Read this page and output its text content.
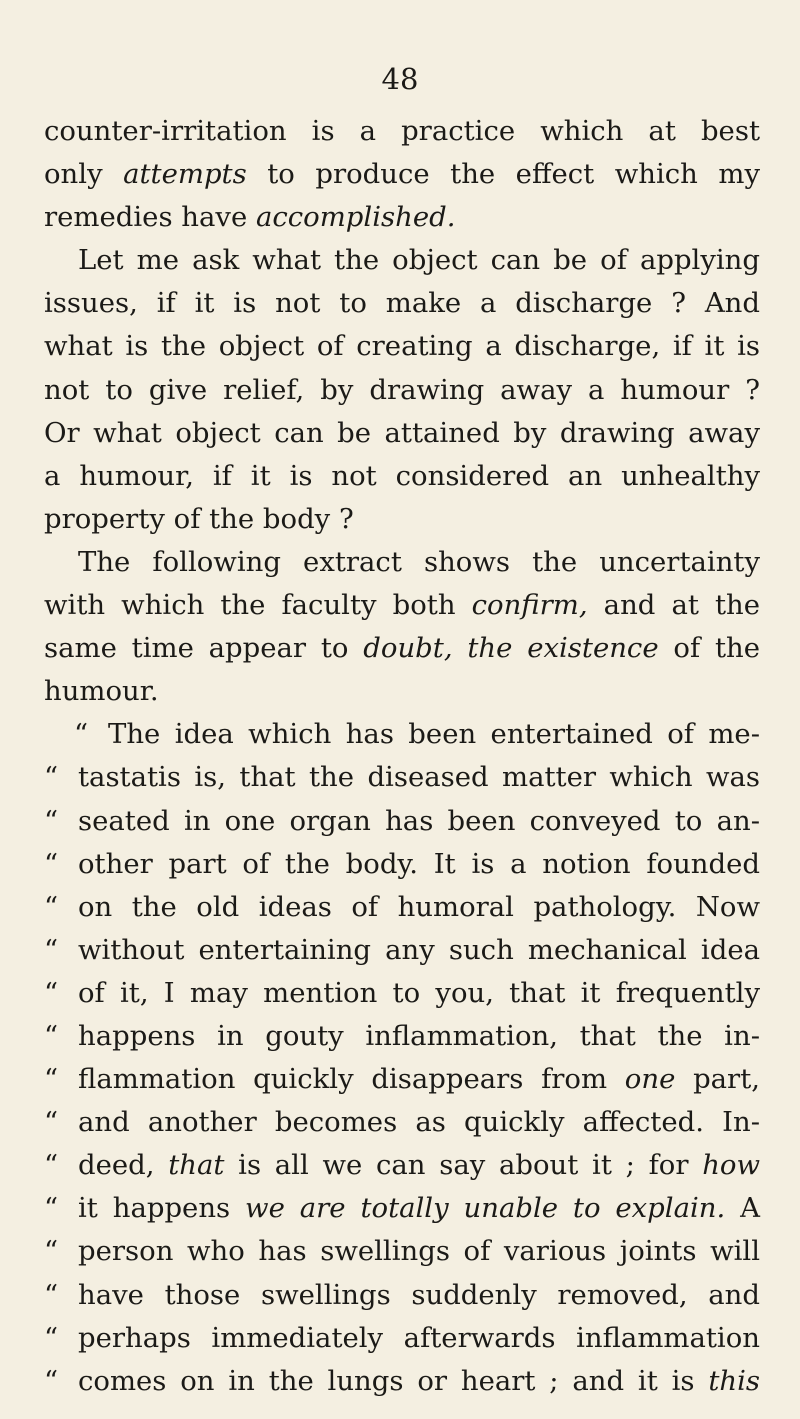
48
counter-irritation is a practice which at best
only attempts to produce the effect which my
remedies have accomplished.
Let me ask what the object can be of applying
issues, if it is not to make a discharge ? And
what is the object of creating a discharge, if it is
not to give relief, by drawing away a humour ?
Or what object can be attained by drawing away
a humour, if it is not considered an unhealthy
property of the body ?
The following extract shows the uncertainty
with which the faculty both confirm, and at the
same time appear to doubt, the existence of the
humour.
“ The idea which has been entertained of me-
“ tastatis is, that the diseased matter which was
“ seated in one organ has been conveyed to an-
“ other part of the body. It is a notion founded
“ on the old ideas of humoral pathology. Now
“ without entertaining any such mechanical idea
“ of it, I may mention to you, that it frequently
“ happens in gouty inflammation, that the in-
“ flammation quickly disappears from one part,
“ and another becomes as quickly affected. In-
“ deed, that is all we can say about it ; for how
“ it happens we are totally unable to explain. A
“ person who has swellings of various joints will
“ have those swellings suddenly removed, and
“ perhaps immediately afterwards inflammation
“ comes on in the lungs or heart ; and it is this
